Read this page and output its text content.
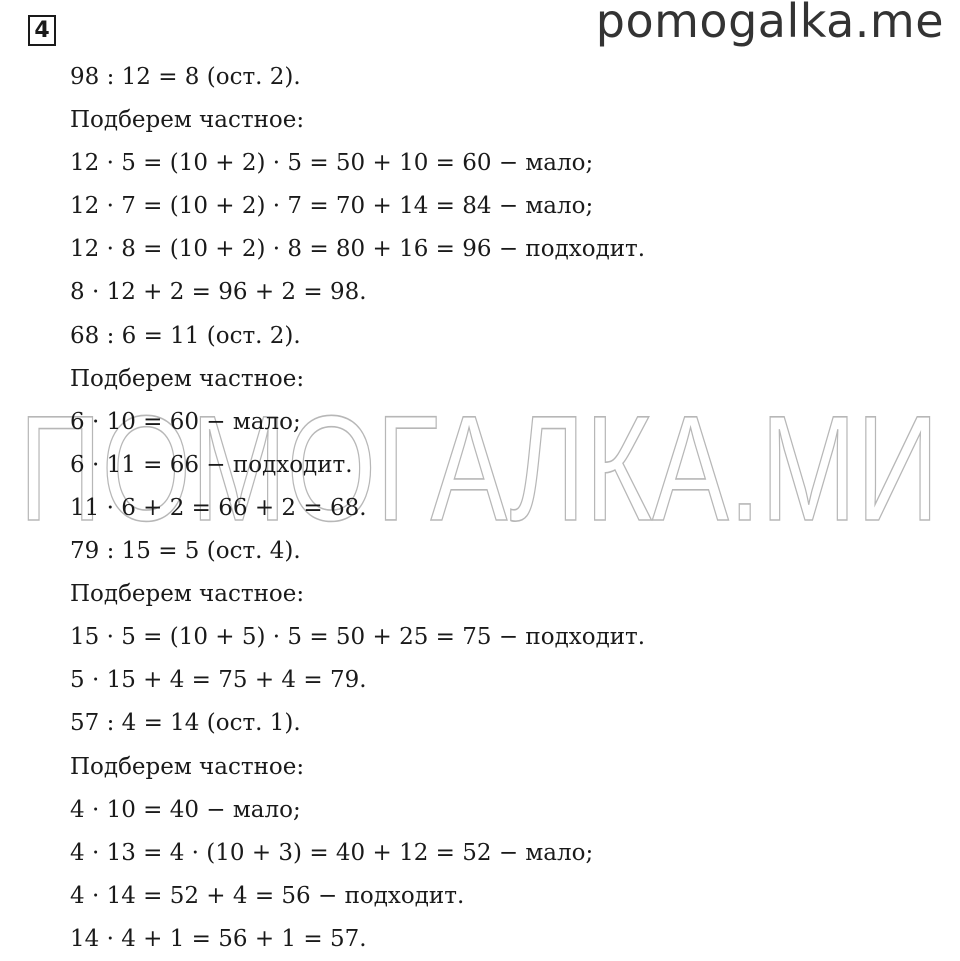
4	pomogalka.me
ПОМОГАЛКА.МИ
98 : 12 = 8 (ост. 2).
Подберем частное:
12 · 5 = (10 + 2) · 5 = 50 + 10 = 60 − мало;
12 · 7 = (10 + 2) · 7 = 70 + 14 = 84 − мало;
12 · 8 = (10 + 2) · 8 = 80 + 16 = 96 − подходит.
8 · 12 + 2 = 96 + 2 = 98.
68 : 6 = 11 (ост. 2).
Подберем частное:
6 · 10 = 60 − мало;
6 · 11 = 66 − подходит.
11 · 6 + 2 = 66 + 2 = 68.
79 : 15 = 5 (ост. 4).
Подберем частное:
15 · 5 = (10 + 5) · 5 = 50 + 25 = 75 − подходит.
5 · 15 + 4 = 75 + 4 = 79.
57 : 4 = 14 (ост. 1).
Подберем частное:
4 · 10 = 40 − мало;
4 · 13 = 4 · (10 + 3) = 40 + 12 = 52 − мало;
4 · 14 = 52 + 4 = 56 − подходит.
14 · 4 + 1 = 56 + 1 = 57.
